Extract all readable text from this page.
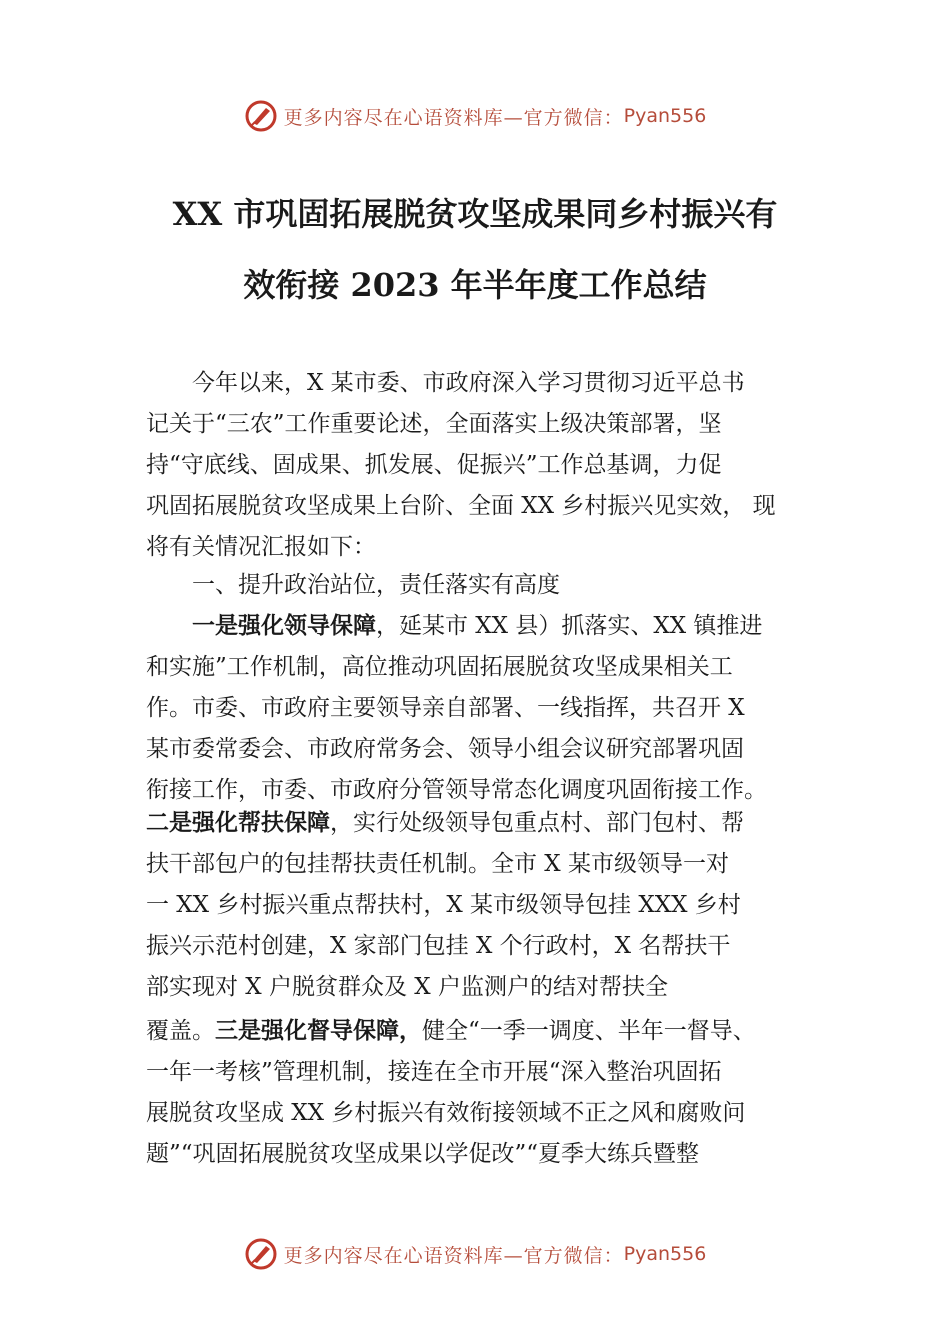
更多内容尽在心语资料库—官方微信： Pyan556
XX 市巩固拓展脱贫攻坚成果同乡村振兴有
效衔接 2023 年半年度工作总结

今年以来，X 某市委、市政府深入学习贯彻习近平总书

记关于“三农”工作重要论述，全面落实上级决策部署，坚

持“守底线、固成果、抓发展、促振兴”工作总基调，力促

巩固拓展脱贫攻坚成果上台阶、全面 XX 乡村振兴见实效， 现

将有关情况汇报如下：

一、提升政治站位，责任落实有高度

一是强化领导保障，延某市 XX 县）抓落实、XX 镇推进

和实施”工作机制，高位推动巩固拓展脱贫攻坚成果相关工

作。市委、市政府主要领导亲自部署、一线指挥，共召开 X

某市委常委会、市政府常务会、领导小组会议研究部署巩固

衔接工作，市委、市政府分管领导常态化调度巩固衔接工作。

二是强化帮扶保障，实行处级领导包重点村、部门包村、帮

扶干部包户的包挂帮扶责任机制。全市 X 某市级领导一对

一 XX 乡村振兴重点帮扶村，X 某市级领导包挂 XXX 乡村

振兴示范村创建，X 家部门包挂 X 个行政村，X 名帮扶干

部实现对 X 户脱贫群众及 X 户监测户的结对帮扶全

覆盖。三是强化督导保障，健全“一季一调度、半年一督导、

一年一考核”管理机制，接连在全市开展“深入整治巩固拓

展脱贫攻坚成 XX 乡村振兴有效衔接领域不正之风和腐败问

题”“巩固拓展脱贫攻坚成果以学促改”“夏季大练兵暨整

更多内容尽在心语资料库—官方微信： Pyan556
